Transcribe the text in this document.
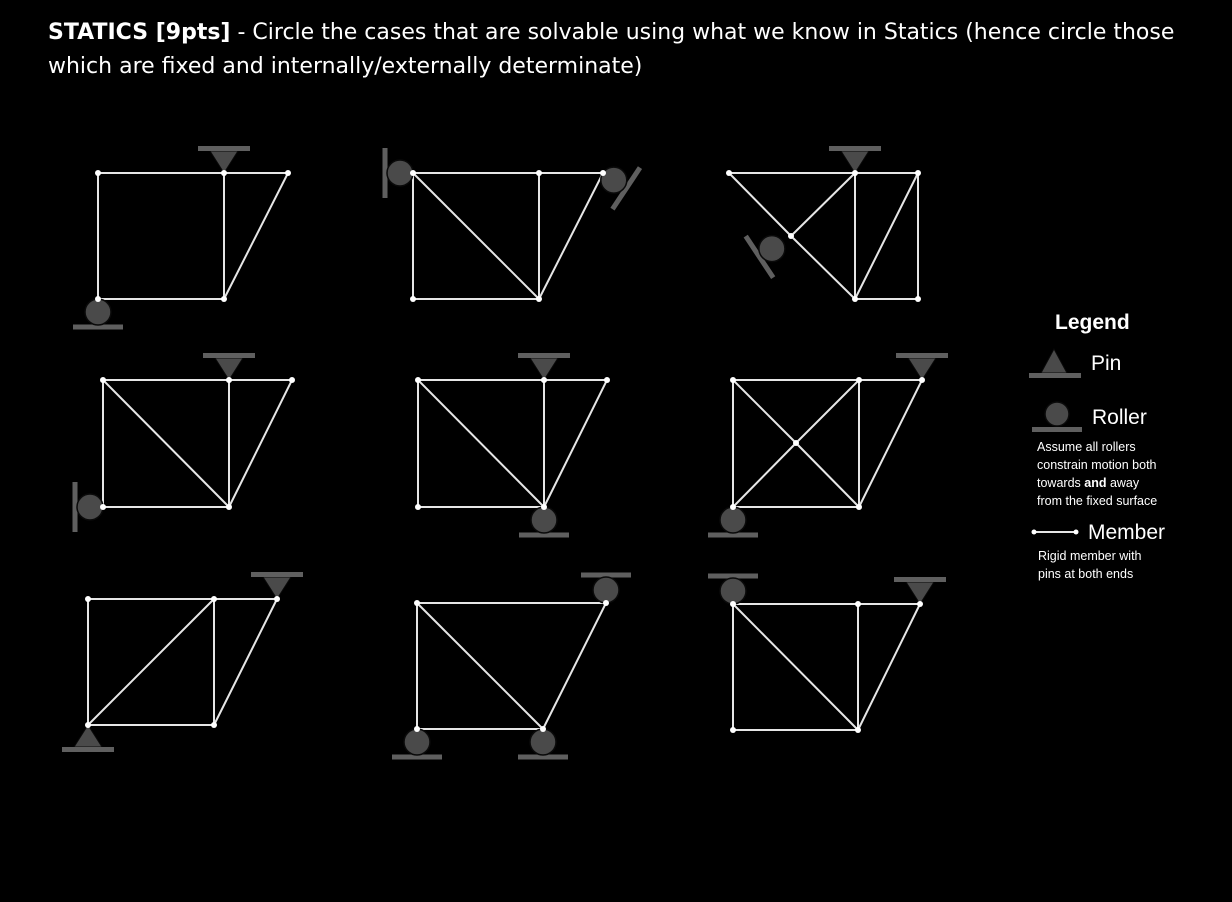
STATICS [9pts] - Circle the cases that are solvable using what we know in Statics (hence circle those which are fixed and internally/externally determinate)

Legend
Pin
Roller
Assume all rollers
constrain motion both
towards and away
from the fixed surface
Member
Rigid member with
pins at both ends
